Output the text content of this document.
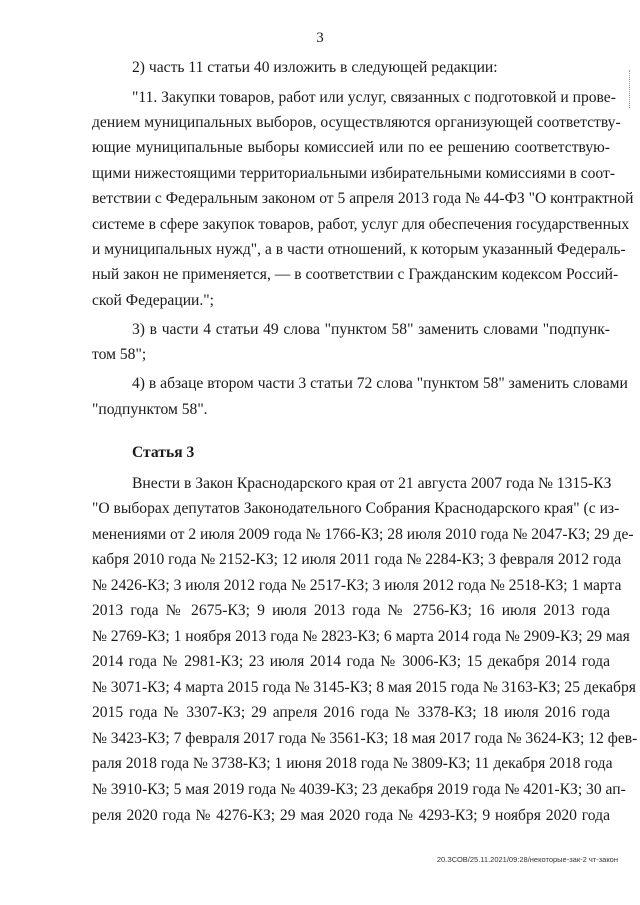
3
2) часть 11 статьи 40 изложить в следующей редакции:
"11. Закупки товаров, работ или услуг, связанных с подготовкой и прове-
дением муниципальных выборов, осуществляются организующей соответству-
ющие муниципальные выборы комиссией или по ее решению соответствую-
щими нижестоящими территориальными избирательными комиссиями в соот-
ветствии с Федеральным законом от 5 апреля 2013 года № 44-ФЗ "О контрактной
системе в сфере закупок товаров, работ, услуг для обеспечения государственных
и муниципальных нужд", а в части отношений, к которым указанный Федераль-
ный закон не применяется, — в соответствии с Гражданским кодексом Россий-
ской Федерации.";
3) в части 4 статьи 49 слова "пунктом 58" заменить словами "подпунк-
том 58";
4) в абзаце втором части 3 статьи 72 слова "пунктом 58" заменить словами
"подпунктом 58".
Статья 3
Внести в Закон Краснодарского края от 21 августа 2007 года № 1315-КЗ
"О выборах депутатов Законодательного Собрания Краснодарского края" (с из-
менениями от 2 июля 2009 года № 1766-КЗ; 28 июля 2010 года № 2047-КЗ; 29 де-
кабря 2010 года № 2152-КЗ; 12 июля 2011 года № 2284-КЗ; 3 февраля 2012 года
№ 2426-КЗ; 3 июля 2012 года № 2517-КЗ; 3 июля 2012 года № 2518-КЗ; 1 марта
2013 года № 2675-КЗ; 9 июля 2013 года № 2756-КЗ; 16 июля 2013 года
№ 2769-КЗ; 1 ноября 2013 года № 2823-КЗ; 6 марта 2014 года № 2909-КЗ; 29 мая
2014 года № 2981-КЗ; 23 июля 2014 года № 3006-КЗ; 15 декабря 2014 года
№ 3071-КЗ; 4 марта 2015 года № 3145-КЗ; 8 мая 2015 года № 3163-КЗ; 25 декабря
2015 года № 3307-КЗ; 29 апреля 2016 года № 3378-КЗ; 18 июля 2016 года
№ 3423-КЗ; 7 февраля 2017 года № 3561-КЗ; 18 мая 2017 года № 3624-КЗ; 12 фев-
раля 2018 года № 3738-КЗ; 1 июня 2018 года № 3809-КЗ; 11 декабря 2018 года
№ 3910-КЗ; 5 мая 2019 года № 4039-КЗ; 23 декабря 2019 года № 4201-КЗ; 30 ап-
реля 2020 года № 4276-КЗ; 29 мая 2020 года № 4293-КЗ; 9 ноября 2020 года
20.ЗСОВ/25.11.2021/09:28/некоторые-зак-2 чт-закон
